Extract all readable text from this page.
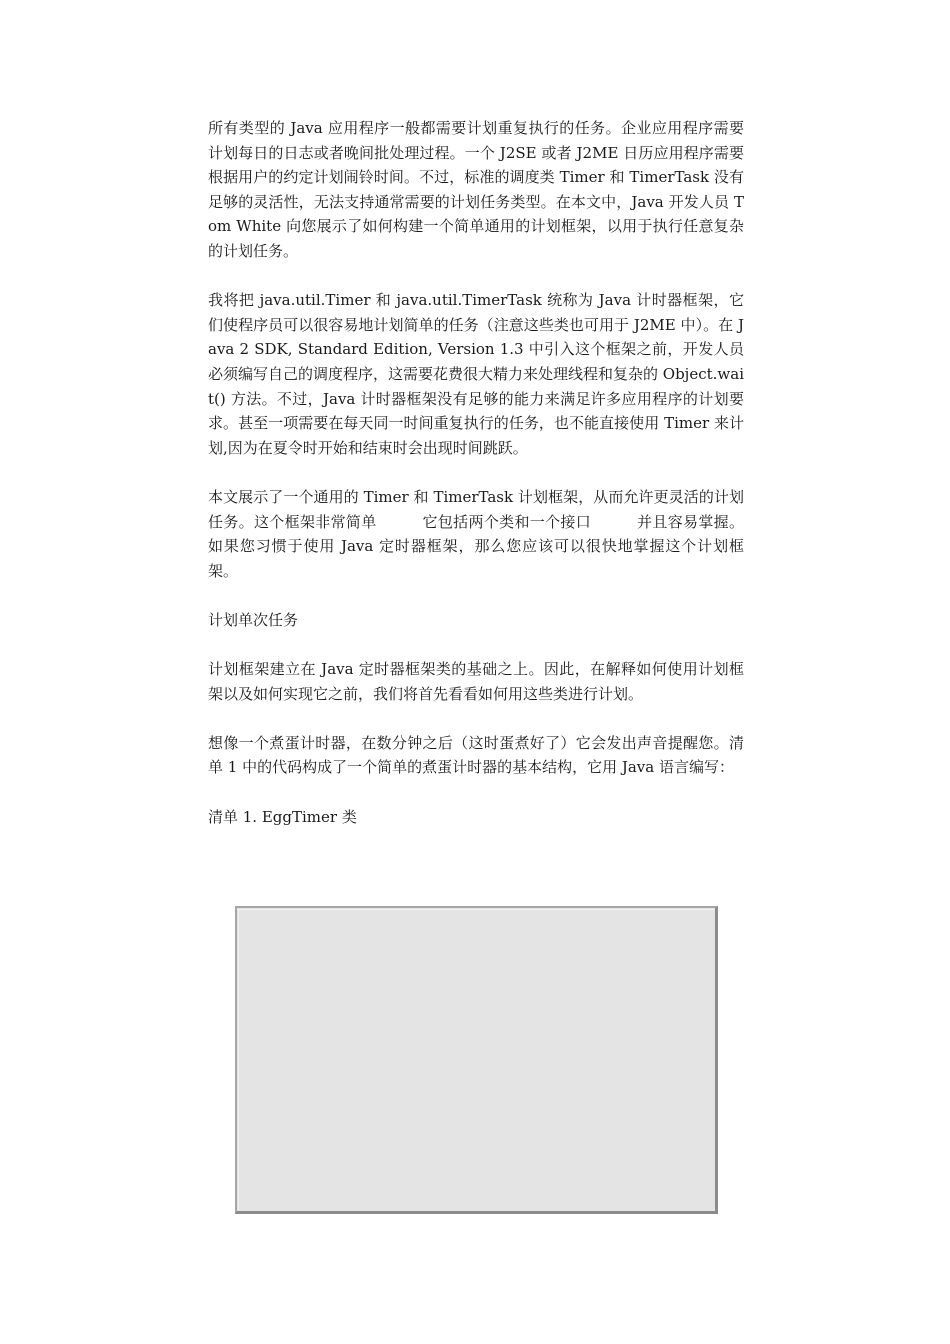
所有类型的 Java 应用程序一般都需要计划重复执行的任务。企业应用程序需要计划每日的日志或者晚间批处理过程。一个 J2SE 或者 J2ME 日历应用程序需要根据用户的约定计划闹铃时间。不过，标准的调度类 Timer 和 TimerTask 没有足够的灵活性，无法支持通常需要的计划任务类型。在本文中，Java 开发人员 Tom White 向您展示了如何构建一个简单通用的计划框架，以用于执行任意复杂的计划任务。

我将把 java.util.Timer 和 java.util.TimerTask 统称为 Java 计时器框架，它们使程序员可以很容易地计划简单的任务（注意这些类也可用于 J2ME 中）。在 Java 2 SDK, Standard Edition, Version 1.3 中引入这个框架之前，开发人员必须编写自己的调度程序，这需要花费很大精力来处理线程和复杂的 Object.wait() 方法。不过，Java 计时器框架没有足够的能力来满足许多应用程序的计划要求。甚至一项需要在每天同一时间重复执行的任务，也不能直接使用 Timer 来计划,因为在夏令时开始和结束时会出现时间跳跃。

本文展示了一个通用的 Timer 和 TimerTask 计划框架，从而允许更灵活的计划任务。这个框架非常简单　　　它包括两个类和一个接口　　　并且容易掌握。如果您习惯于使用 Java 定时器框架，那么您应该可以很快地掌握这个计划框架。

计划单次任务

计划框架建立在 Java 定时器框架类的基础之上。因此，在解释如何使用计划框架以及如何实现它之前，我们将首先看看如何用这些类进行计划。

想像一个煮蛋计时器，在数分钟之后（这时蛋煮好了）它会发出声音提醒您。清单 1 中的代码构成了一个简单的煮蛋计时器的基本结构，它用 Java 语言编写：

清单 1. EggTimer 类
